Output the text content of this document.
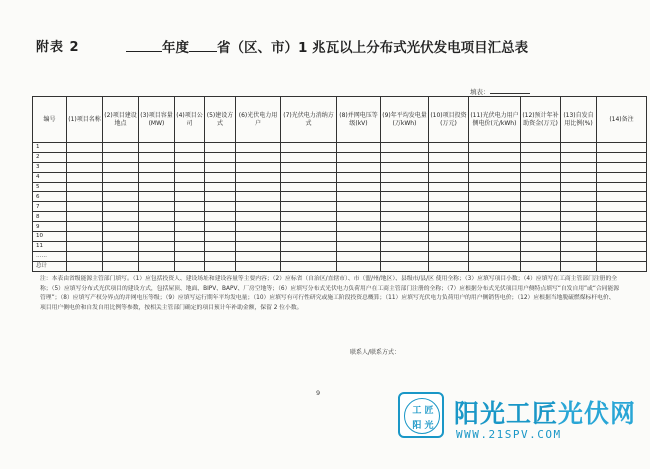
附表 2	年度 省（区、市）1 兆瓦以上分布式光伏发电项目汇总表
填表：
编号	(1)项目名称	(2)项目建设地点	(3)项目容量(MW)	(4)项目公司	(5)建设方式	(6)光伏电力用户	(7)光伏电力消纳方式	(8)并网电压等级(kV)	(9)年平均发电量(万kWh)	(10)项目投资(万元)	(11)光伏电力用户侧电价(元/kWh)	(12)预计年补助资金(万元)	(13)自发自用比例(%)	(14)备注
1														
2														
3														
4														
5														
6														
7														
8														
9														
10														
11														
……														
总计														
注：本表由省级能源主管部门填写。（1）应包括投资人、建设场址和建设容量等主要内容；（2）应标省（自治区/直辖市）、市（盟/州/地区）、县级市/县/区 使用全称；（3）应填写项目小数；（4）应填写在工商主管部门注册的全称；（5）应填写分布式光伏项目的建设方式，包括屋顶、地面、BIPV、BAPV、厂房空地等；（6）应填写分布式光伏电力负荷用户在工商主管部门注册的全称；（7）应根据分布式光伏项目用户侧特点填写“自发自用”或“合同能源管理”；（8）应填写产权分界点的并网电压等级；（9）应填写运行期年平均发电量；（10）应填写有可行性研究或施工阶段投资总概算；（11）应填写光伏电力负荷用户的用户侧销售电价；（12）应根据当地脱硫燃煤标杆电价、项目用户侧电价和自发自用比例等参数，按相关主管部门确定的项目预计年补助金额，保留 2 位小数。
联系人/联系方式：
9
工 匠
阳 光 阳光工匠光伏网
WWW.21SPV.COM
